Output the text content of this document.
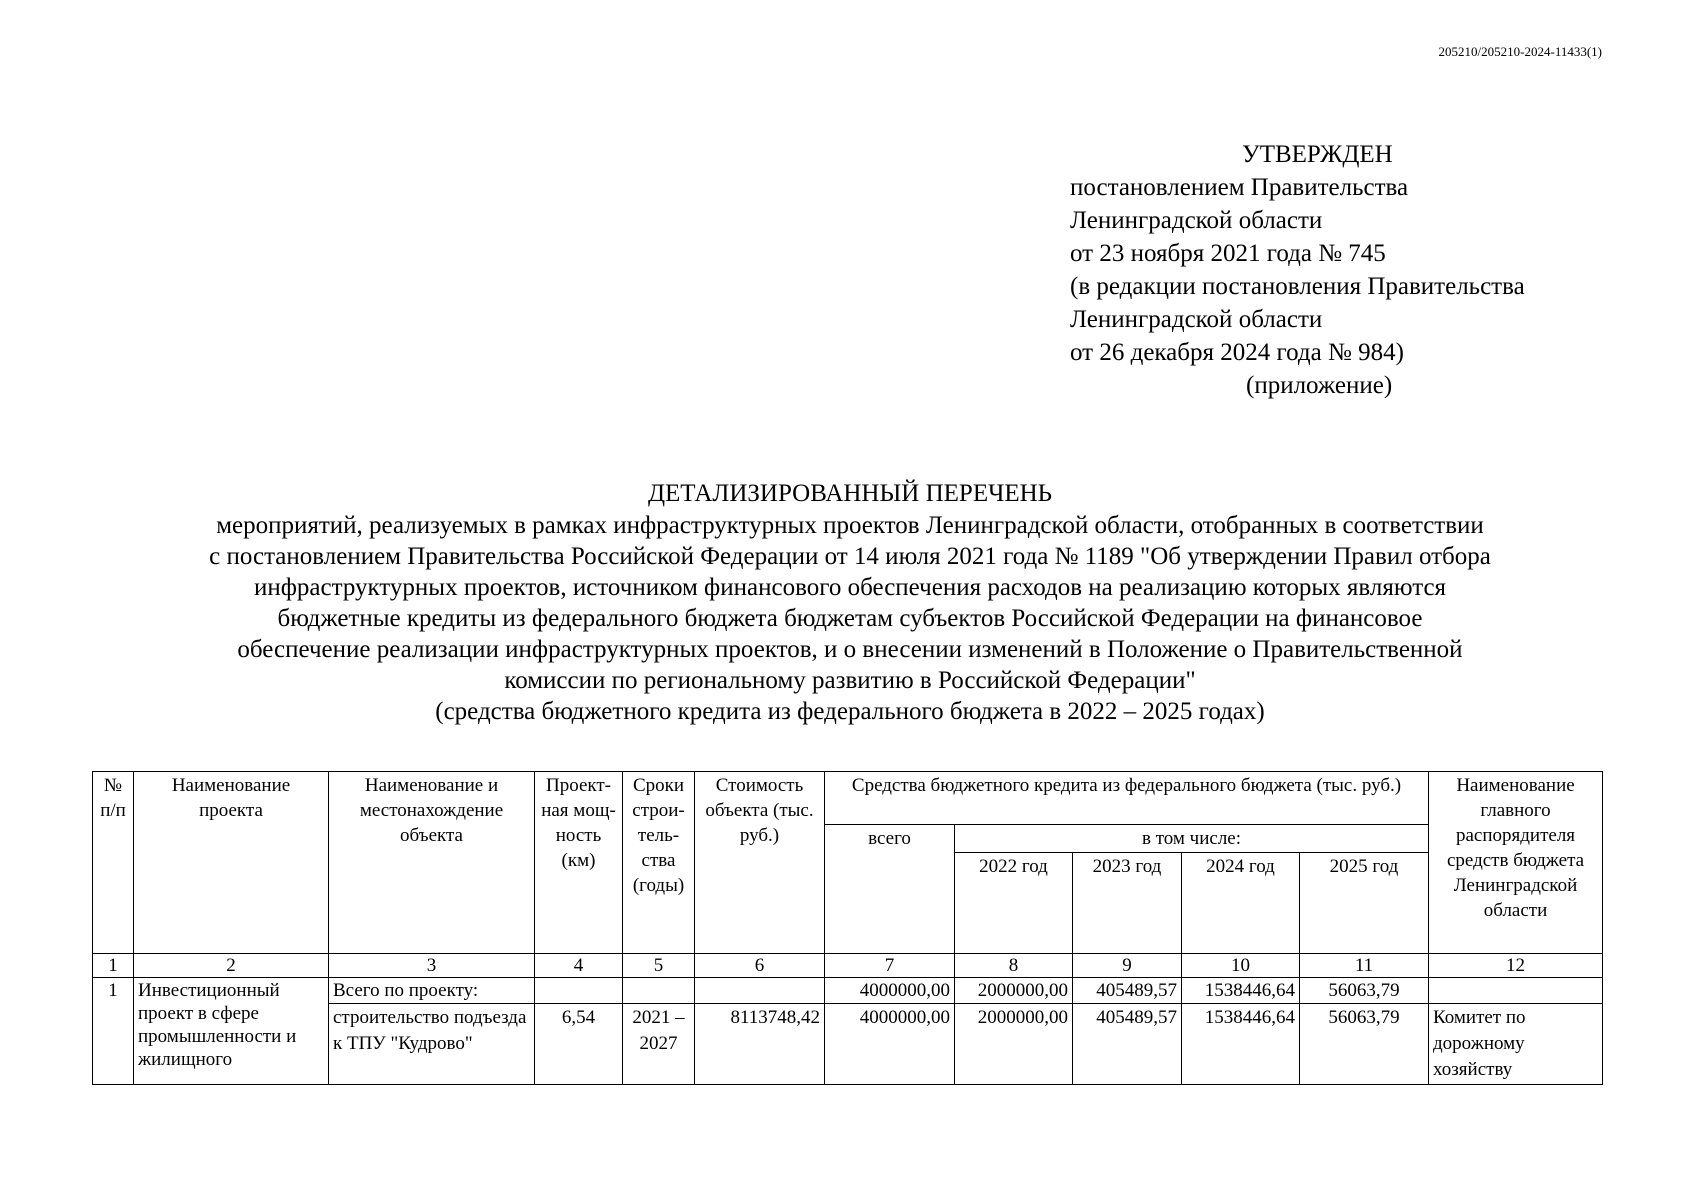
205210/205210-2024-11433(1)
УТВЕРЖДЕН
постановлением Правительства
Ленинградской области
от 23 ноября 2021 года № 745
(в редакции постановления Правительства
Ленинградской области
от 26 декабря 2024 года № 984)
(приложение)
ДЕТАЛИЗИРОВАННЫЙ ПЕРЕЧЕНЬ
мероприятий, реализуемых в рамках инфраструктурных проектов Ленинградской области, отобранных в соответствии
с постановлением Правительства Российской Федерации от 14 июля 2021 года № 1189 "Об утверждении Правил отбора
инфраструктурных проектов, источником финансового обеспечения расходов на реализацию которых являются
бюджетные кредиты из федерального бюджета бюджетам субъектов Российской Федерации на финансовое
обеспечение реализации инфраструктурных проектов, и о внесении изменений в Положение о Правительственной
комиссии по региональному развитию в Российской Федерации"
(средства бюджетного кредита из федерального бюджета в 2022 – 2025 годах)
№ п/п	Наименование проекта	Наименование и местонахождение объекта	Проект-ная мощ-ность (км)	Сроки строи-тель-ства (годы)	Стоимость объекта (тыс. руб.)	Средства бюджетного кредита из федерального бюджета (тыс. руб.)					Наименование главного распорядителя средств бюджета Ленинградской области
						всего	в том числе:				
							2022 год	2023 год	2024 год	2025 год	
1	2	3	4	5	6	7	8	9	10	11	12
1	Инвестиционный проект в сфере промышленности и жилищного	Всего по проекту:				4000000,00	2000000,00	405489,57	1538446,64	56063,79	
		строительство подъезда к ТПУ "Кудрово"	6,54	2021 – 2027	8113748,42	4000000,00	2000000,00	405489,57	1538446,64	56063,79	Комитет по дорожному хозяйству
